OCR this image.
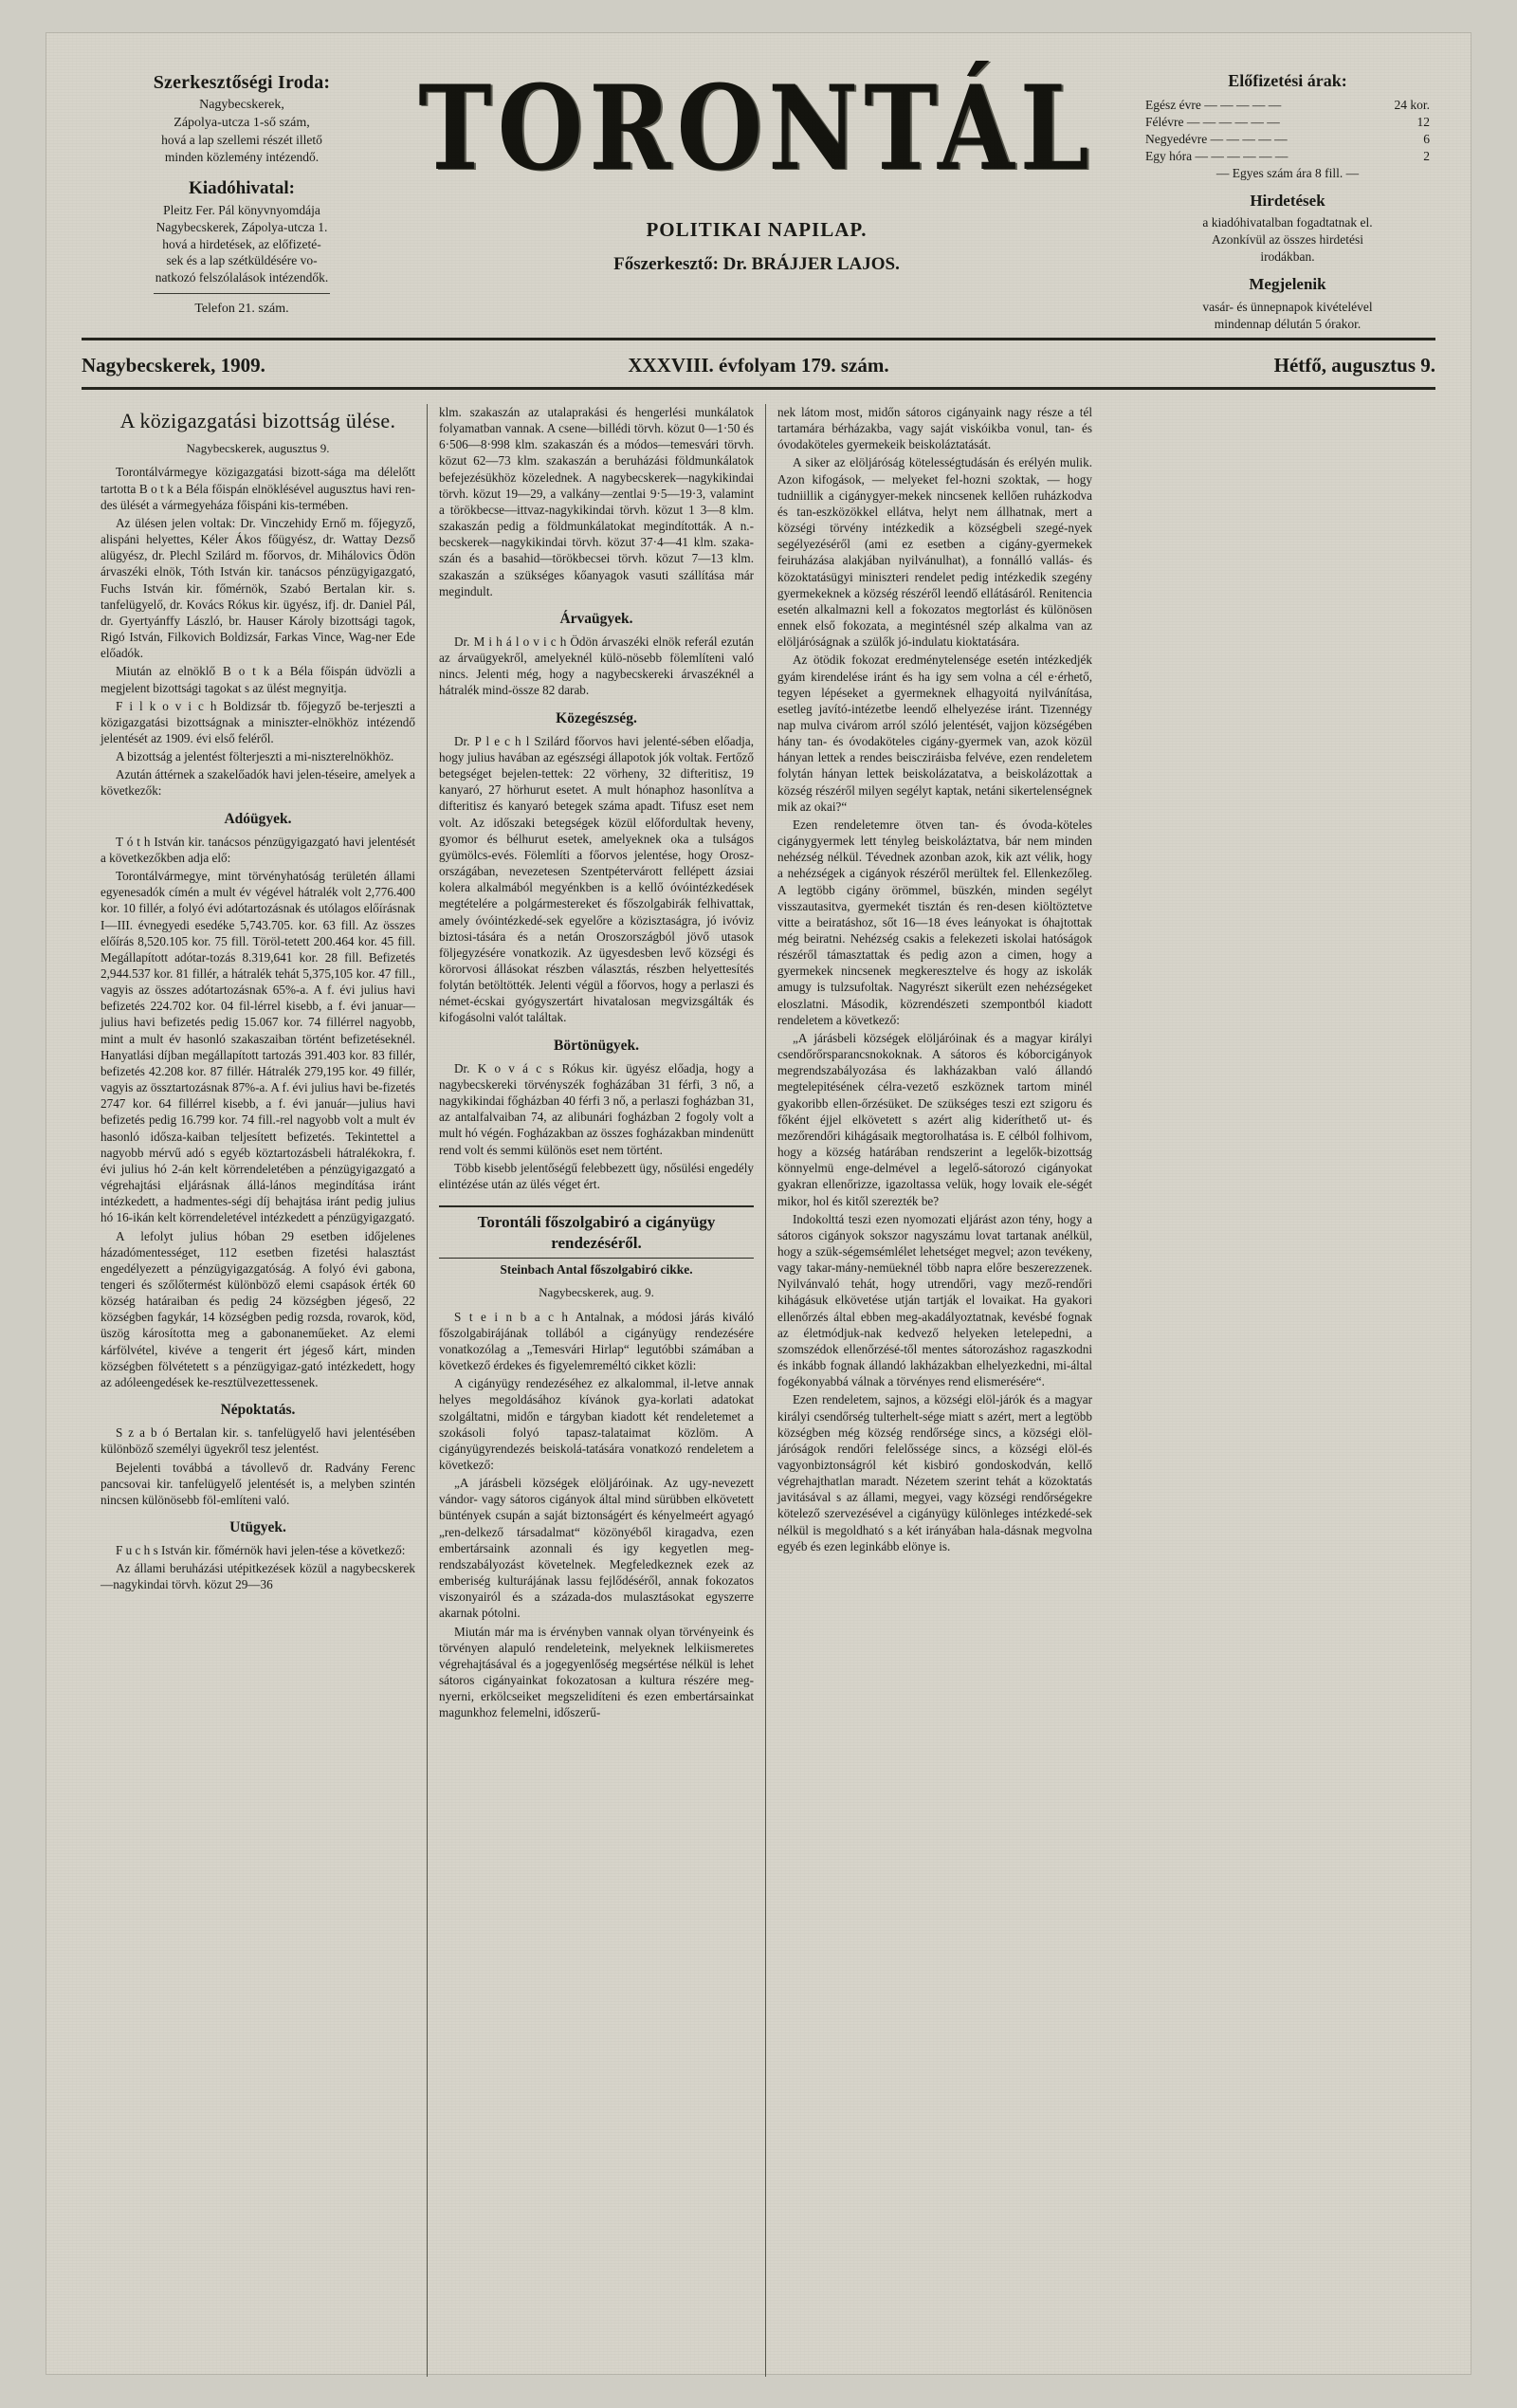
Szerkesztőségi Iroda:
Nagybecskerek,
Zápolya-utcza 1-ső szám,
hová a lap szellemi részét illető
minden közlemény intézendő.
Kiadóhivatal:
Pleitz Fer. Pál könyvnyomdája
Nagybecskerek, Zápolya-utcza 1.
hová a hirdetések, az előfizeté-
sek és a lap szétküldésére vo-
natkozó felszólalások intézendők.
Telefon 21. szám.
TORONTÁL
POLITIKAI NAPILAP.
Főszerkesztő: Dr. BRÁJJER LAJOS.
Előfizetési árak:
Egész évre — — — — —	24 kor.
Félévre — — — — — —	12
Negyedévre — — — — —	6
Egy hóra — — — — — —	2
— Egyes szám ára 8 fill. —
Hirdetések
a kiadóhivatalban fogadtatnak el.
Azonkívül az összes hirdetési
irodákban.
Megjelenik
vasár- és ünnepnapok kivételével
mindennap délután 5 órakor.
Nagybecskerek, 1909.	XXXVIII. évfolyam 179. szám.	Hétfő, augusztus 9.
A közigazgatási bizottság ülése.
Nagybecskerek, augusztus 9.

Torontálvármegye közigazgatási bizott-sága ma délelőtt tartotta B o t k a Béla főispán elnöklésével augusztus havi ren-des ülését a vármegyeháza főispáni kis-termében.

Az ülésen jelen voltak: Dr. Vinczehidy Ernő m. főjegyző, alispáni helyettes, Kéler Ákos főügyész, dr. Wattay Dezső alügyész, dr. Plechl Szilárd m. főorvos, dr. Mihálovics Ödön árvaszéki elnök, Tóth István kir. tanácsos pénzügyigazgató, Fuchs István kir. főmérnök, Szabó Bertalan kir. s. tanfelügyelő, dr. Kovács Rókus kir. ügyész, ifj. dr. Daniel Pál, dr. Gyertyánffy László, br. Hauser Károly bizottsági tagok, Rigó István, Filkovich Boldizsár, Farkas Vince, Wag-ner Ede előadók.

Miután az elnöklő B o t k a Béla főispán üdvözli a megjelent bizottsági tagokat s az ülést megnyitja.

F i l k o v i c h Boldizsár tb. főjegyző be-terjeszti a közigazgatási bizottságnak a miniszter-elnökhöz intézendő jelentését az 1909. évi első feléről.

A bizottság a jelentést fölterjeszti a mi-niszterelnökhöz.

Azután áttérnek a szakelőadók havi jelen-téseire, amelyek a következők:

Adóügyek.

T ó t h István kir. tanácsos pénzügyigazgató havi jelentését a következőkben adja elő:

Torontálvármegye, mint törvényhatóság területén állami egyenesadók címén a mult év végével hátralék volt 2,776.400 kor. 10 fillér, a folyó évi adótartozásnak és utólagos előírásnak I—III. évnegyedi esedéke 5,743.705. kor. 63 fill. Az összes előírás 8,520.105 kor. 75 fill. Töröl-tetett 200.464 kor. 45 fill. Megállapított adótar-tozás 8.319,641 kor. 28 fill. Befizetés 2,944.537 kor. 81 fillér, a hátralék tehát 5,375,105 kor. 47 fill., vagyis az összes adótartozásnak 65%-a. A f. évi julius havi befizetés 224.702 kor. 04 fil-lérrel kisebb, a f. évi januar—julius havi befizetés pedig 15.067 kor. 74 fillérrel nagyobb, mint a mult év hasonló szakaszaiban történt befizetéseknél. Hanyatlási díjban megállapított tartozás 391.403 kor. 83 fillér, befizetés 42.208 kor. 87 fillér. Hátralék 279,195 kor. 49 fillér, vagyis az össztartozásnak 87%-a. A f. évi julius havi be-fizetés 2747 kor. 64 fillérrel kisebb, a f. évi január—julius havi befizetés pedig 16.799 kor. 74 fill.-rel nagyobb volt a mult év hasonló idősza-kaiban teljesített befizetés. Tekintettel a nagyobb mérvű adó s egyéb köztartozásbeli hátralékokra, f. évi julius hó 2-án kelt körrendeletében a pénzügyigazgató a végrehajtási eljárásnak állá-lános megindítása iránt intézkedett, a hadmentes-ségi díj behajtása iránt pedig julius hó 16-ikán kelt körrendeletével intézkedett a pénzügyigazgató.

A lefolyt julius hóban 29 esetben időjelenes házadómentességet, 112 esetben fizetési halasztást engedélyezett a pénzügyigazgatóság. A folyó évi gabona, tengeri és szőlőtermést különböző elemi csapások érték 60 község határaiban és pedig 24 községben jégeső, 22 községben fagykár, 14 községben pedig rozsda, rovarok, köd, üszög károsította meg a gabonaneműeket. Az elemi kárfölvétel, kivéve a tengerit ért jégeső kárt, minden községben fölvétetett s a pénzügyigaz-gató intézkedett, hogy az adóleengedések ke-resztülvezettessenek.

Népoktatás.

S z a b ó Bertalan kir. s. tanfelügyelő havi jelentésében különböző személyi ügyekről tesz jelentést.

Bejelenti továbbá a távollevő dr. Radvány Ferenc pancsovai kir. tanfelügyelő jelentését is, a melyben szintén nincsen különösebb föl-említeni való.

Utügyek.

F u c h s István kir. főmérnök havi jelen-tése a következő:

Az állami beruházási utépitkezések közül a nagybecskerek—nagykindai törvh. közut 29—36

klm. szakaszán az utalaprakási és hengerlési munkálatok folyamatban vannak. A csene—billédi törvh. közut 0—1·50 és 6·506—8·998 klm. szakaszán és a módos—temesvári törvh. közut 62—73 klm. szakaszán a beruházási földmunkálatok befejezésükhöz közelednek. A nagybecskerek—nagykikindai törvh. közut 19—29, a valkány—zentlai 9·5—19·3, valamint a törökbecse—ittvaz-nagykikindai törvh. közut 1 3—8 klm. szakaszán pedig a földmunkálatokat megindították. A n.-becskerek—nagykikindai törvh. közut 37·4—41 klm. szaka-szán és a basahid—törökbecsei törvh. közut 7—13 klm. szakaszán a szükséges kőanyagok vasuti szállítása már megindult.

Árvaügyek.

Dr. M i h á l o v i c h Ödön árvaszéki elnök referál ezután az árvaügyekről, amelyeknél külö-nösebb fölemlíteni való nincs. Jelenti még, hogy a nagybecskereki árvaszéknél a hátralék mind-össze 82 darab.

Közegészség.

Dr. P l e c h l Szilárd főorvos havi jelenté-sében előadja, hogy julius havában az egészségi állapotok jók voltak. Fertőző betegséget bejelen-tettek: 22 vörheny, 32 difteritisz, 19 kanyaró, 27 hörhurut esetet. A mult hónaphoz hasonlítva a difteritisz és kanyaró betegek száma apadt. Tifusz eset nem volt. Az időszaki betegségek közül előfordultak heveny, gyomor és bélhurut esetek, amelyeknek oka a tulságos gyümölcs-evés. Fölemlíti a főorvos jelentése, hogy Orosz-országában, nevezetesen Szentpétervárott fellépett ázsiai kolera alkalmából megyénkben is a kellő óvóintézkedések megtételére a polgármestereket és főszolgabirák felhivattak, amely óvóintézkedé-sek egyelőre a közisztaságra, jó ivóviz biztosi-tására és a netán Oroszországból jövő utasok följegyzésére vonatkozik. Az ügyesdesben levő községi és körorvosi állásokat részben választás, részben helyettesítés folytán betöltötték. Jelenti végül a főorvos, hogy a perlaszi és német-écskai gyógyszertárt hivatalosan megvizsgálták és kifogásolni valót találtak.

Börtönügyek.

Dr. K o v á c s Rókus kir. ügyész előadja, hogy a nagybecskereki törvényszék fogházában 31 férfi, 3 nő, a nagykikindai főgházban 40 férfi 3 nő, a perlaszi fogházban 31, az antalfalvaiban 74, az alibunári fogházban 2 fogoly volt a mult hó végén. Fogházakban az összes fogházakban mindenütt rend volt és semmi különös eset nem történt.

Több kisebb jelentőségű felebbezett ügy, nősülési engedély elintézése után az ülés véget ért.

Torontáli főszolgabiró a cigányügy rendezéséről.
Steinbach Antal főszolgabiró cikke.
Nagybecskerek, aug. 9.

S t e i n b a c h Antalnak, a módosi járás kiváló főszolgabirájának tollából a cigányügy rendezésére vonatkozólag a „Temesvári Hirlap“ legutóbbi számában a következő érdekes és figyelemreméltó cikket közli:

A cigányügy rendezéséhez ez alkalommal, il-letve annak helyes megoldásához kívánok gya-korlati adatokat szolgáltatni, midőn e tárgyban kiadott két rendeletemet a szokásoli folyó tapasz-talataimat közlöm. A cigányügyrendezés beiskolá-tatására vonatkozó rendeletem a következő:

„A járásbeli községek elöljáróinak. Az ugy-nevezett vándor- vagy sátoros cigányok által mind sürübben elkövetett büntények csupán a saját biztonságért és kényelmeért agyagó „ren-delkező társadalmat“ közönyéből kiragadva, ezen embertársaink azonnali és igy kegyetlen meg-rendszabályozást követelnek. Megfeledkeznek ezek az emberiség kulturájának lassu fejlődéséről, annak fokozatos viszonyairól és a százada-dos mulasztásokat egyszerre akarnak pótolni.

Miután már ma is érvényben vannak olyan törvényeink és törvényen alapuló rendeleteink, melyeknek lelkiismeretes végrehajtásával és a jogegyenlőség megsértése nélkül is lehet sátoros cigányainkat fokozatosan a kultura részére meg-nyerni, erkölcseiket megszelidíteni és ezen embertársainkat magunkhoz felemelni, időszerű-

nek látom most, midőn sátoros cigányaink nagy része a tél tartamára bérházakba, vagy saját viskóikba vonul, tan- és óvodaköteles gyermekeik beiskoláztatását.

A siker az elöljáróság kötelességtudásán és erélyén mulik. Azon kifogások, — melyeket fel-hozni szoktak, — hogy tudniillik a cigánygyer-mekek nincsenek kellően ruházkodva és tan-eszközökkel ellátva, helyt nem állhatnak, mert a községi törvény intézkedik a községbeli szegé-nyek segélyezéséről (ami ez esetben a cigány-gyermekek feiruházása alakjában nyilvánulhat), a fonnálló vallás- és közoktatásügyi miniszteri rendelet pedig intézkedik szegény gyermekeknek a község részéről leendő ellátásáról. Renitencia esetén alkalmazni kell a fokozatos megtorlást és különösen ennek első fokozata, a megintésnél szép alkalma van az elöljáróságnak a szülők jó-indulatu kioktatására.

Az ötödik fokozat eredménytelensége esetén intézkedjék gyám kirendelése iránt és ha igy sem volna a cél e·érhető, tegyen lépéseket a gyermeknek elhagyoitá nyilvánítása, esetleg javító-intézetbe leendő elhelyezése iránt. Tizennégy nap mulva civárom arról szóló jelentését, vajjon községében hány tan- és óvodaköteles cigány-gyermek van, azok közül hányan lettek a rendes beiscziráisba felvéve, ezen rendeletem folytán hányan lettek beiskolázatatva, a beiskolázottak a község részéről milyen segélyt kaptak, netáni sikertelenségnek mik az okai?“

Ezen rendeletemre ötven tan- és óvoda-köteles cigánygyermek lett tényleg beiskoláztatva, bár nem minden nehézség nélkül. Tévednek azonban azok, kik azt vélik, hogy a nehézségek a cigányok részéről merültek fel. Ellenkezőleg. A legtöbb cigány örömmel, büszkén, minden segélyt visszautasitva, gyermekét tisztán és ren-desen kiöltöztetve vitte a beiratáshoz, sőt 16—18 éves leányokat is óhajtottak még beiratni. Nehézség csakis a felekezeti iskolai hatóságok részéről támasztattak és pedig azon a cimen, hogy a gyermekek nincsenek megkeresztelve és hogy az iskolák amugy is tulzsufoltak. Nagyrészt sikerült ezen nehézségeket eloszlatni. Második, közrendészeti szempontból kiadott rendeletem a következő:

„A járásbeli községek elöljáróinak és a magyar királyi csendőrőrsparancsnokoknak. A sátoros és kóborcigányok megrendszabályozása és lakházakban való állandó megtelepitésének célra-vezető eszköznek tartom minél gyakoribb ellen-őrzésüket. De szükséges teszi ezt szigoru és főként éjjel elkövetett s azért alig kideríthető ut- és mezőrendőri kihágásaik megtorolhatása is. E célból folhivom, hogy a község határában rendszerint a legelők-bizottság könnyelmü enge-delmével a legelő-sátorozó cigányokat gyakran ellenőrizze, igazoltassa velük, hogy lovaik ele-ségét mikor, hol és kitől szerezték be?

Indokolttá teszi ezen nyomozati eljárást azon tény, hogy a sátoros cigányok sokszor nagyszámu lovat tartanak anélkül, hogy a szük-ségemsémlélet lehetséget megvel; azon tevékeny, vagy takar-mány-nemüeknél több napra előre beszerezzenek. Nyilvánvaló tehát, hogy utrendőri, vagy mező-rendőri kihágásuk elkövetése utján tartják el lovaikat. Ha gyakori ellenőrzés által ebben meg-akadályoztatnak, kevésbé fognak az életmódjuk-nak kedvező helyeken letelepedni, a szomszédok ellenőrzésé-től mentes sátorozáshoz ragaszkodni és inkább fognak állandó lakházakban elhelyezkedni, mi-által fogékonyabbá válnak a törvényes rend elismerésére“.

Ezen rendeletem, sajnos, a községi elöl-járók és a magyar királyi csendőrség tulterhelt-sége miatt s azért, mert a legtöbb községben még község rendőrsége sincs, a községi elöl-járóságok rendőri felelőssége sincs, a községi elöl-és vagyonbiztonságról két kisbiró gondoskodván, kellő végrehajthatlan maradt. Nézetem szerint tehát a közoktatás javitásával s az állami, megyei, vagy községi rendőrségekre kötelező szervezésével a cigányügy különleges intézkedé-sek nélkül is megoldható s a két irányában hala-dásnak megvolna egyéb és ezen leginkább elönye is.
